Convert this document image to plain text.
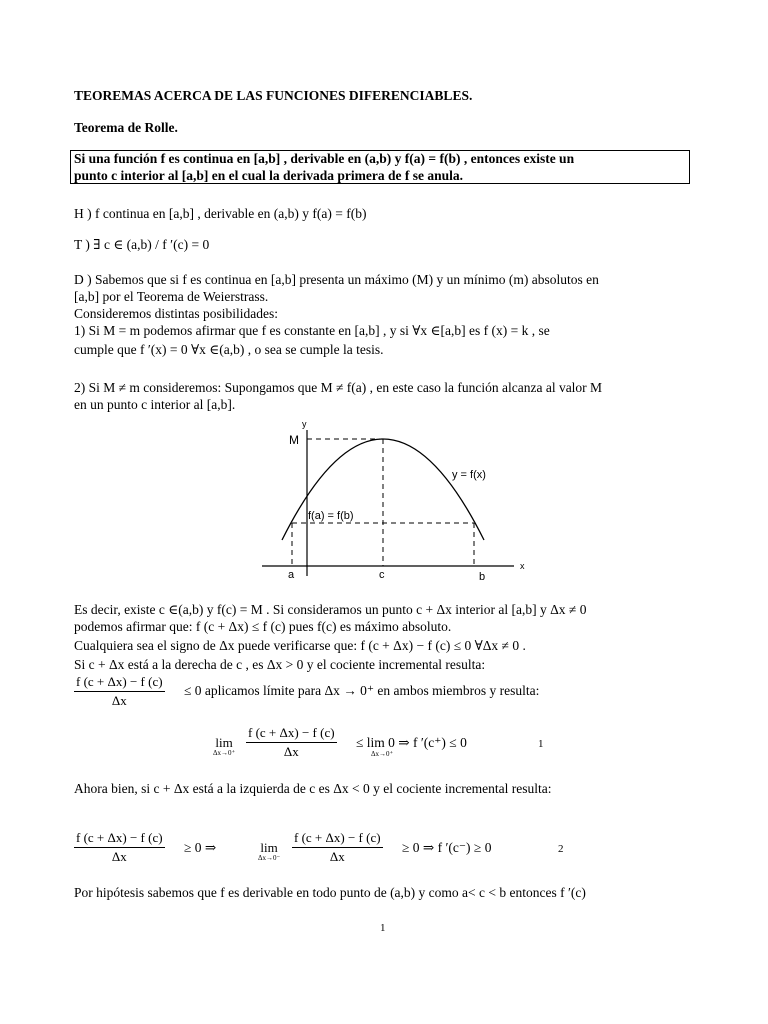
TEOREMAS ACERCA DE LAS FUNCIONES DIFERENCIABLES.
Teorema de Rolle.
Si una función f es continua en [a,b] , derivable en (a,b) y f(a) = f(b) , entonces existe un
punto c interior al [a,b] en el cual la derivada primera de f se anula.
H ) f continua en [a,b] , derivable en (a,b) y f(a) = f(b)
T ) ∃ c ∈ (a,b) / f ′(c) = 0
D ) Sabemos que si f es continua en [a,b] presenta un máximo (M) y un mínimo (m) absolutos en
[a,b] por el Teorema de Weierstrass.
Consideremos distintas posibilidades:
1) Si M = m podemos afirmar que f es constante en [a,b] , y si ∀x ∈[a,b] es f (x) = k , se
cumple que f ′(x) = 0 ∀x ∈(a,b) , o sea se cumple la tesis.
2) Si M ≠ m consideremos: Supongamos que M ≠ f(a) , en este caso la función alcanza al valor M
en un punto c interior al [a,b].
y
x
M
y = f(x)
f(a) = f(b)
a	c	b
Es decir, existe c ∈(a,b) y f(c) = M . Si consideramos un punto c + Δx interior al [a,b] y Δx ≠ 0
podemos afirmar que: f (c + Δx) ≤ f (c) pues f(c) es máximo absoluto.
Cualquiera sea el signo de Δx puede verificarse que: f (c + Δx) − f (c) ≤ 0 ∀Δx ≠ 0 .
Si c + Δx está a la derecha de c , es Δx > 0 y el cociente incremental resulta:
$\frac{f (c + \Delta x) - f (c)}{\Delta x} \le 0$ aplicamos límite para Δx → 0⁺ en ambos miembros y resulta:
lim
$\Delta x\to 0^+ \frac{f (c + \Delta x) - f (c)}{\Delta x} \le \lim 0$ ⇒ f ′(c⁺) ≤ 0
Δx→0⁺
1
Ahora bien, si c + Δx está a la izquierda de c es Δx < 0 y el cociente incremental resulta:
$\frac{f (c + \Delta x) - f (c)}{\Delta x} \ge 0$ ⇒	lim
$\Delta x\to 0^- \frac{f (c + \Delta x) - f (c)}{\Delta x} \ge 0$ ⇒ f ′(c⁻) ≥ 0	2
Por hipótesis sabemos que f es derivable en todo punto de (a,b) y como a< c < b entonces f ′(c)
1
